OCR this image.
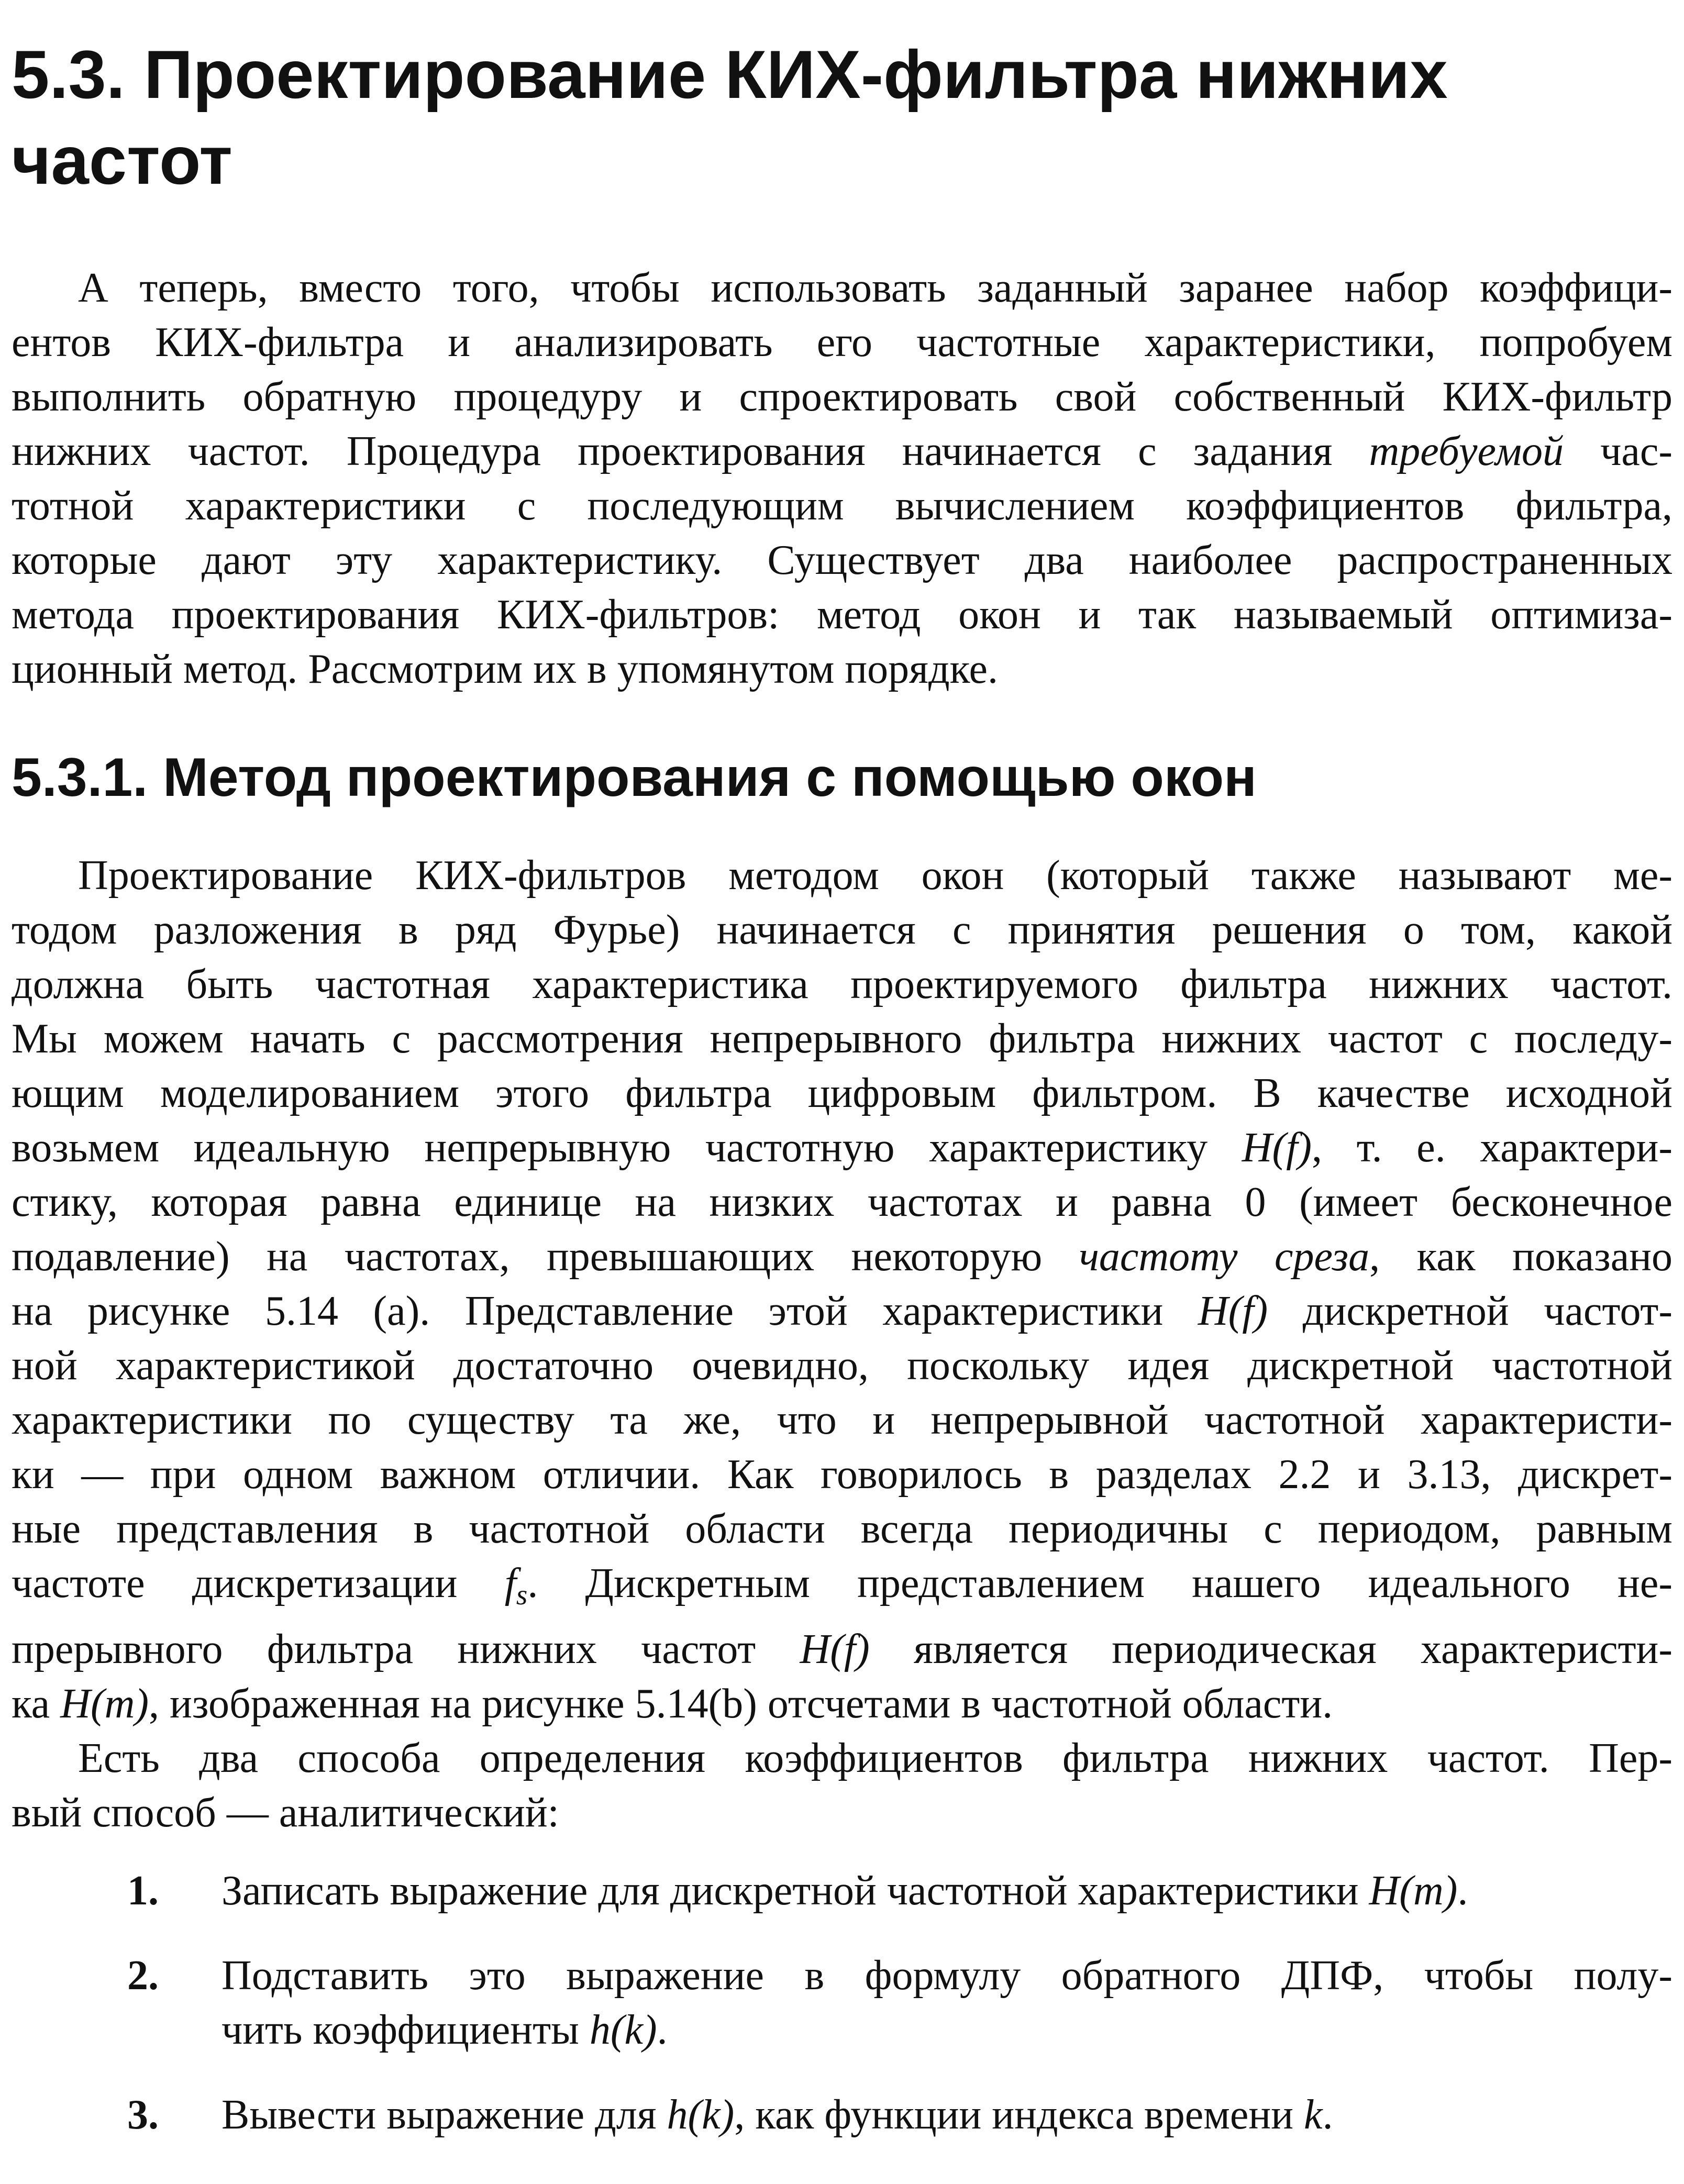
5.3. Проектирование КИХ-фильтра нижних частот
А теперь, вместо того, чтобы использовать заданный заранее набор коэффици-
ентов КИХ-фильтра и анализировать его частотные характеристики, попробуем
выполнить обратную процедуру и спроектировать свой собственный КИХ-фильтр
нижних частот. Процедура проектирования начинается с задания требуемой час-
тотной характеристики с последующим вычислением коэффициентов фильтра,
которые дают эту характеристику. Существует два наиболее распространенных
метода проектирования КИХ-фильтров: метод окон и так называемый оптимиза-
ционный метод. Рассмотрим их в упомянутом порядке.
5.3.1. Метод проектирования с помощью окон
Проектирование КИХ-фильтров методом окон (который также называют ме-
тодом разложения в ряд Фурье) начинается с принятия решения о том, какой
должна быть частотная характеристика проектируемого фильтра нижних частот.
Мы можем начать с рассмотрения непрерывного фильтра нижних частот с последу-
ющим моделированием этого фильтра цифровым фильтром. В качестве исходной
возьмем идеальную непрерывную частотную характеристику H(f), т. е. характери-
стику, которая равна единице на низких частотах и равна 0 (имеет бесконечное
подавление) на частотах, превышающих некоторую частоту среза, как показано
на рисунке 5.14 (a). Представление этой характеристики H(f) дискретной частот-
ной характеристикой достаточно очевидно, поскольку идея дискретной частотной
характеристики по существу та же, что и непрерывной частотной характеристи-
ки — при одном важном отличии. Как говорилось в разделах 2.2 и 3.13, дискрет-
ные представления в частотной области всегда периодичны с периодом, равным
частоте дискретизации $f_s$. Дискретным представлением нашего идеального не-
прерывного фильтра нижних частот H(f) является периодическая характеристи-
ка H(m), изображенная на рисунке 5.14(b) отсчетами в частотной области.
Есть два способа определения коэффициентов фильтра нижних частот. Пер-
вый способ — аналитический:
1.	Записать выражение для дискретной частотной характеристики H(m).
2.	Подставить это выражение в формулу обратного ДПФ, чтобы полу-
чить коэффициенты h(k).
3.	Вывести выражение для h(k), как функции индекса времени k.
